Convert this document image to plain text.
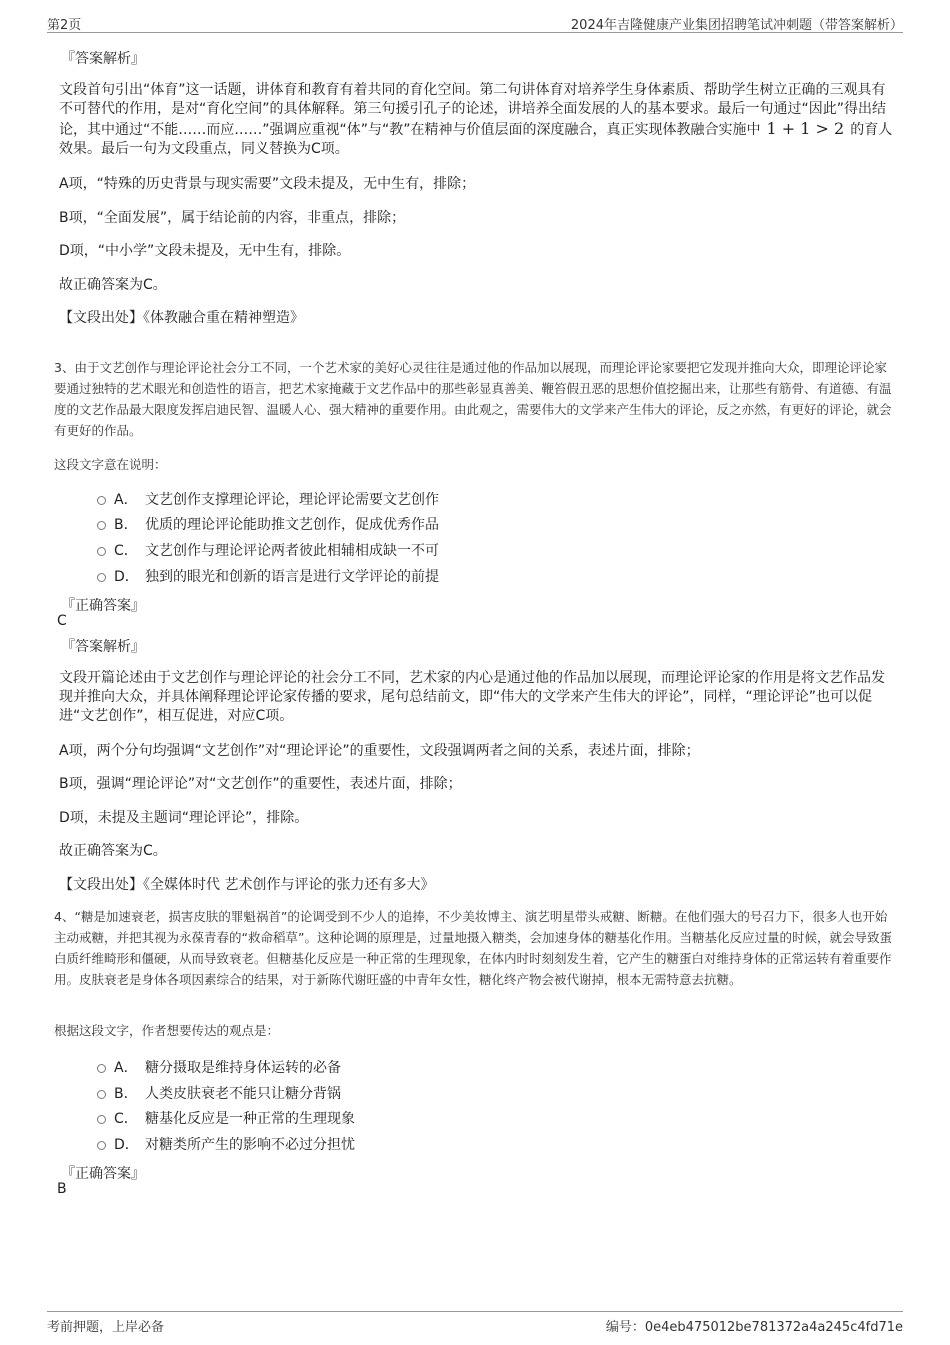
第2页	2024年吉隆健康产业集团招聘笔试冲刺题（带答案解析）
『答案解析』
文段首句引出“体育”这一话题，讲体育和教育有着共同的育化空间。第二句讲体育对培养学生身体素质、帮助学生树立正确的三观具有不可替代的作用，是对“育化空间”的具体解释。第三句援引孔子的论述，讲培养全面发展的人的基本要求。最后一句通过“因此”得出结论，其中通过“不能……而应……”强调应重视“体”与“教”在精神与价值层面的深度融合，真正实现体教融合实施中 1 + 1 > 2 的育人效果。最后一句为文段重点，同义替换为C项。
A项，“特殊的历史背景与现实需要”文段未提及，无中生有，排除；
B项，“全面发展”，属于结论前的内容，非重点，排除；
D项，“中小学”文段未提及，无中生有，排除。
故正确答案为C。
【文段出处】《体教融合重在精神塑造》
3、由于文艺创作与理论评论社会分工不同，一个艺术家的美好心灵往往是通过他的作品加以展现，而理论评论家要把它发现并推向大众，即理论评论家要通过独特的艺术眼光和创造性的语言，把艺术家掩藏于文艺作品中的那些彰显真善美、鞭笞假丑恶的思想价值挖掘出来，让那些有筋骨、有道德、有温度的文艺作品最大限度发挥启迪民智、温暖人心、强大精神的重要作用。由此观之，需要伟大的文学来产生伟大的评论，反之亦然，有更好的评论，就会有更好的作品。
这段文字意在说明：
A． 文艺创作支撑理论评论，理论评论需要文艺创作
B． 优质的理论评论能助推文艺创作，促成优秀作品
C． 文艺创作与理论评论两者彼此相辅相成缺一不可
D． 独到的眼光和创新的语言是进行文学评论的前提
『正确答案』
C
『答案解析』
文段开篇论述由于文艺创作与理论评论的社会分工不同，艺术家的内心是通过他的作品加以展现，而理论评论家的作用是将文艺作品发现并推向大众，并具体阐释理论评论家传播的要求，尾句总结前文，即“伟大的文学来产生伟大的评论”，同样，“理论评论”也可以促进“文艺创作”，相互促进，对应C项。
A项，两个分句均强调“文艺创作”对“理论评论”的重要性，文段强调两者之间的关系，表述片面，排除；
B项，强调“理论评论”对“文艺创作”的重要性，表述片面，排除；
D项，未提及主题词“理论评论”，排除。
故正确答案为C。
【文段出处】《全媒体时代 艺术创作与评论的张力还有多大》
4、“糖是加速衰老，损害皮肤的罪魁祸首”的论调受到不少人的追捧，不少美妆博主、演艺明星带头戒糖、断糖。在他们强大的号召力下，很多人也开始主动戒糖，并把其视为永葆青春的“救命稻草”。这种论调的原理是，过量地摄入糖类，会加速身体的糖基化作用。当糖基化反应过量的时候，就会导致蛋白质纤维畸形和僵硬，从而导致衰老。但糖基化反应是一种正常的生理现象，在体内时时刻刻发生着，它产生的糖蛋白对维持身体的正常运转有着重要作用。皮肤衰老是身体各项因素综合的结果，对于新陈代谢旺盛的中青年女性，糖化终产物会被代谢掉，根本无需特意去抗糖。
根据这段文字，作者想要传达的观点是：
A． 糖分摄取是维持身体运转的必备
B． 人类皮肤衰老不能只让糖分背锅
C． 糖基化反应是一种正常的生理现象
D． 对糖类所产生的影响不必过分担忧
『正确答案』
B
考前押题，上岸必备	编号：0e4eb475012be781372a4a245c4fd71e
